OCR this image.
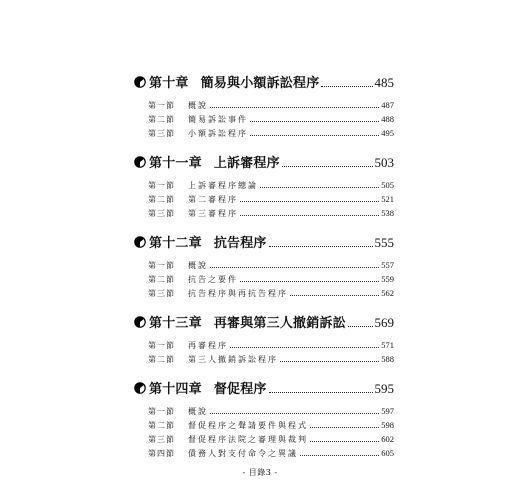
第十章 簡易與小額訴訟程序	485
第一節	概說	487
第二節	簡易訴訟事件	488
第三節	小額訴訟程序	495
第十一章 上訴審程序	503
第一節	上訴審程序總論	505
第二節	第二審程序	521
第三節	第三審程序	538
第十二章 抗告程序	555
第一節	概說	557
第二節	抗告之要件	559
第三節	抗告程序與再抗告程序	562
第十三章 再審與第三人撤銷訴訟 569
第一節	再審程序	571
第二節	第三人撤銷訴訟程序	588
第十四章 督促程序	595
第一節	概說	597
第二節	督促程序之聲請要件與程式	598
第三節	督促程序法院之審理與裁判	602
第四節	債務人對支付命令之異議	605
- 目錄3 -
